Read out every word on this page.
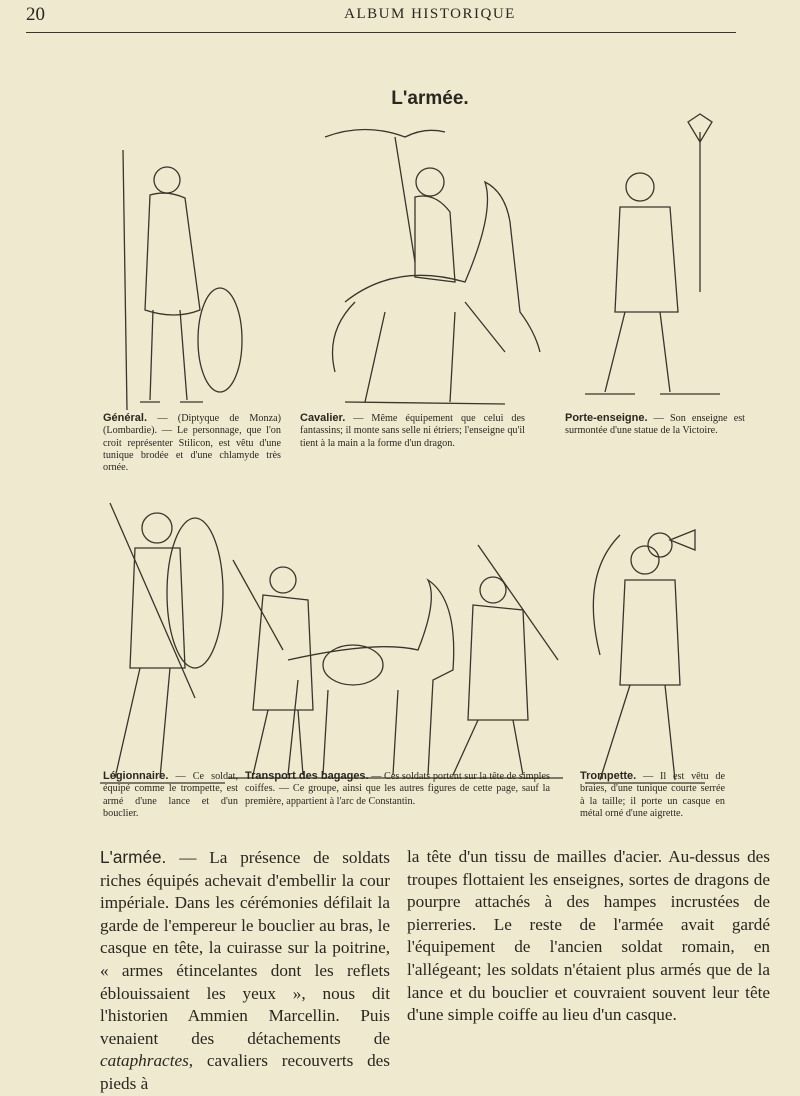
20	ALBUM HISTORIQUE
L'armée.
Général. — (Diptyque de Monza) (Lombardie). — Le personnage, que l'on croit représenter Stilicon, est vêtu d'une tunique brodée et d'une chlamyde très ornée.
Cavalier. — Même équipement que celui des fantassins; il monte sans selle ni étriers; l'enseigne qu'il tient à la main a la forme d'un dragon.
Porte-enseigne. — Son enseigne est surmontée d'une statue de la Victoire.
Légionnaire. — Ce soldat, équipé comme le trompette, est armé d'une lance et d'un bouclier.
Transport des bagages. — Ces soldats portent sur la tête de simples coiffes. — Ce groupe, ainsi que les autres figures de cette page, sauf la première, appartient à l'arc de Constantin.
Trompette. — Il est vêtu de braies, d'une tunique courte serrée à la taille; il porte un casque en métal orné d'une aigrette.
L'armée. — La présence de soldats riches équipés achevait d'embellir la cour impériale. Dans les cérémonies défilait la garde de l'empereur le bouclier au bras, le casque en tête, la cuirasse sur la poitrine, « armes étincelantes dont les reflets éblouissaient les yeux », nous dit l'historien Ammien Marcellin. Puis venaient des détachements de cataphractes, cavaliers recouverts des pieds à
la tête d'un tissu de mailles d'acier. Au-dessus des troupes flottaient les enseignes, sortes de dragons de pourpre attachés à des hampes incrustées de pierreries. Le reste de l'armée avait gardé l'équipement de l'ancien soldat romain, en l'allégeant; les soldats n'étaient plus armés que de la lance et du bouclier et couvraient souvent leur tête d'une simple coiffe au lieu d'un casque.
